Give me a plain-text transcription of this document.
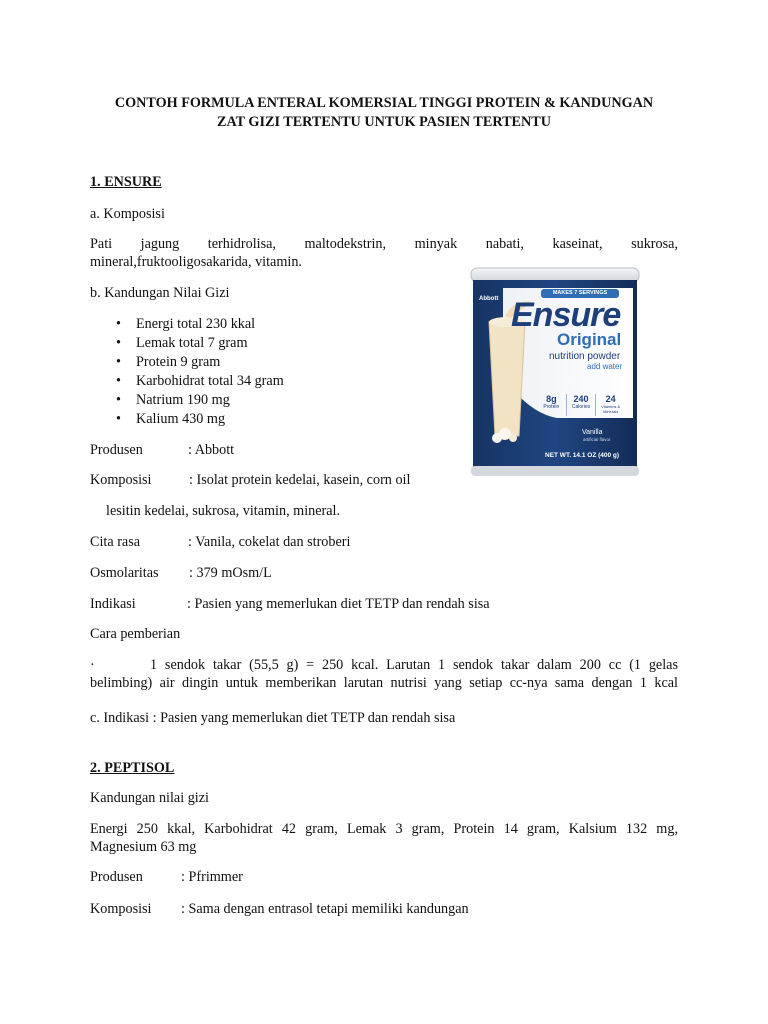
CONTOH FORMULA ENTERAL KOMERSIAL TINGGI PROTEIN & KANDUNGAN
ZAT GIZI TERTENTU UNTUK PASIEN TERTENTU
1. ENSURE
a. Komposisi
Pati jagung terhidrolisa, maltodekstrin, minyak nabati, kaseinat, sukrosa,
mineral,fruktooligosakarida, vitamin.
b. Kandungan Nilai Gizi
• Energi total 230 kkal
• Lemak total 7 gram
• Protein 9 gram
• Karbohidrat total 34 gram
• Natrium 190 mg
• Kalium 430 mg
Produsen	: Abbott
Komposisi	: Isolat protein kedelai, kasein, corn oil
lesitin kedelai, sukrosa, vitamin, mineral.
Cita rasa	: Vanila, cokelat dan stroberi
Osmolaritas : 379 mOsm/L
Indikasi	: Pasien yang memerlukan diet TETP dan rendah sisa
Cara pemberian
·	1 sendok takar (55,5 g) = 250 kcal. Larutan 1 sendok takar dalam 200 cc (1 gelas
belimbing) air dingin untuk memberikan larutan nutrisi yang setiap cc-nya sama dengan 1 kcal
c. Indikasi : Pasien yang memerlukan diet TETP dan rendah sisa
2. PEPTISOL
Kandungan nilai gizi
Energi 250 kkal, Karbohidrat 42 gram, Lemak 3 gram, Protein 14 gram, Kalsium 132 mg,
Magnesium 63 mg
Produsen	: Pfrimmer
Komposisi : Sama dengan entrasol tetapi memiliki kandungan
Abbott
MAKES 7 SERVINGS
Ensure
Original
nutrition powder
add water
8g
Protein
240
Calories
24
Vitamins & Minerals
Vanilla
artificial flavor
NET WT. 14.1 OZ (400 g)
